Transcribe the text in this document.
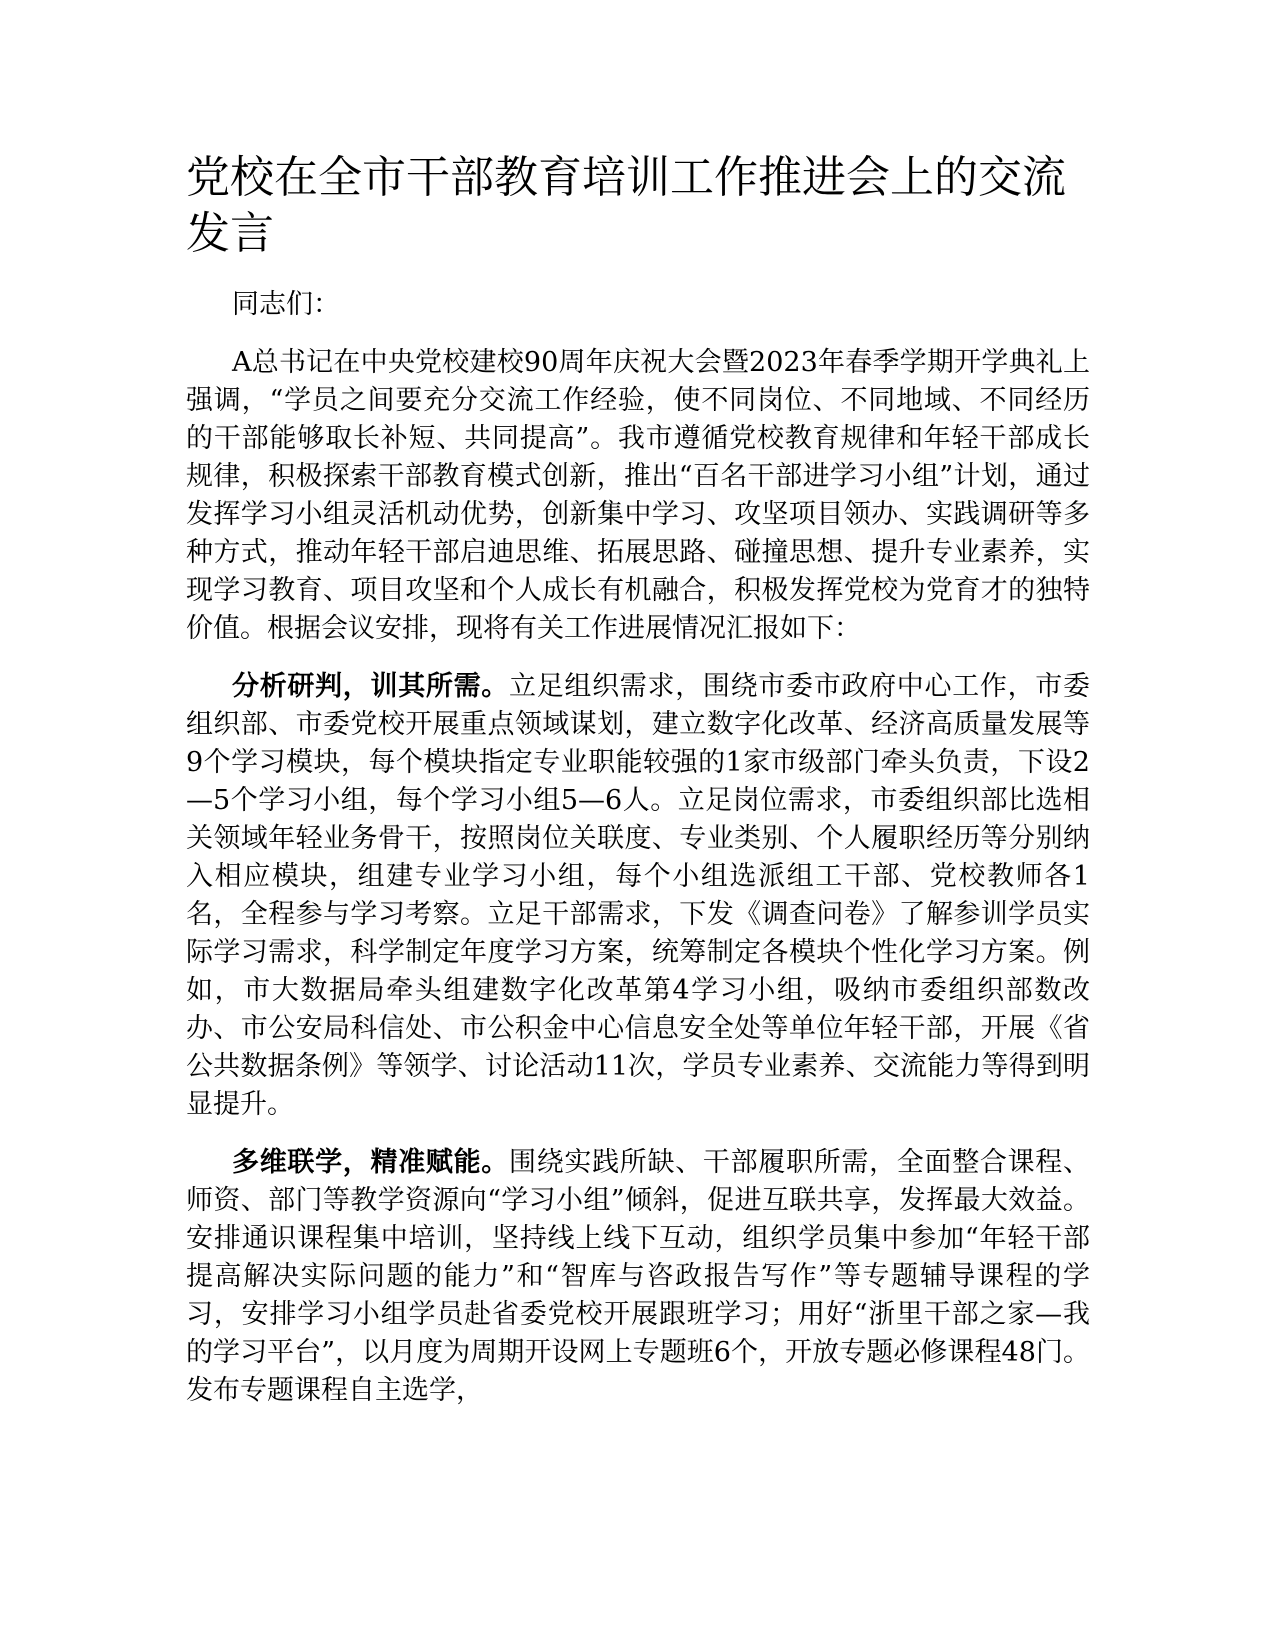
党校在全市干部教育培训工作推进会上的交流发言

同志们：

A总书记在中央党校建校90周年庆祝大会暨2023年春季学期开学典礼上强调，“学员之间要充分交流工作经验，使不同岗位、不同地域、不同经历的干部能够取长补短、共同提高”。我市遵循党校教育规律和年轻干部成长规律，积极探索干部教育模式创新，推出“百名干部进学习小组”计划，通过发挥学习小组灵活机动优势，创新集中学习、攻坚项目领办、实践调研等多种方式，推动年轻干部启迪思维、拓展思路、碰撞思想、提升专业素养，实现学习教育、项目攻坚和个人成长有机融合，积极发挥党校为党育才的独特价值。根据会议安排，现将有关工作进展情况汇报如下：

分析研判，训其所需。立足组织需求，围绕市委市政府中心工作，市委组织部、市委党校开展重点领域谋划，建立数字化改革、经济高质量发展等9个学习模块，每个模块指定专业职能较强的1家市级部门牵头负责，下设2—5个学习小组，每个学习小组5—6人。立足岗位需求，市委组织部比选相关领域年轻业务骨干，按照岗位关联度、专业类别、个人履职经历等分别纳入相应模块，组建专业学习小组，每个小组选派组工干部、党校教师各1名，全程参与学习考察。立足干部需求，下发《调查问卷》了解参训学员实际学习需求，科学制定年度学习方案，统筹制定各模块个性化学习方案。例如，市大数据局牵头组建数字化改革第4学习小组，吸纳市委组织部数改办、市公安局科信处、市公积金中心信息安全处等单位年轻干部，开展《省公共数据条例》等领学、讨论活动11次，学员专业素养、交流能力等得到明显提升。

多维联学，精准赋能。围绕实践所缺、干部履职所需，全面整合课程、师资、部门等教学资源向“学习小组”倾斜，促进互联共享，发挥最大效益。安排通识课程集中培训，坚持线上线下互动，组织学员集中参加“年轻干部提高解决实际问题的能力”和“智库与咨政报告写作”等专题辅导课程的学习，安排学习小组学员赴省委党校开展跟班学习；用好“浙里干部之家—我的学习平台”，以月度为周期开设网上专题班6个，开放专题必修课程48门。发布专题课程自主选学，
